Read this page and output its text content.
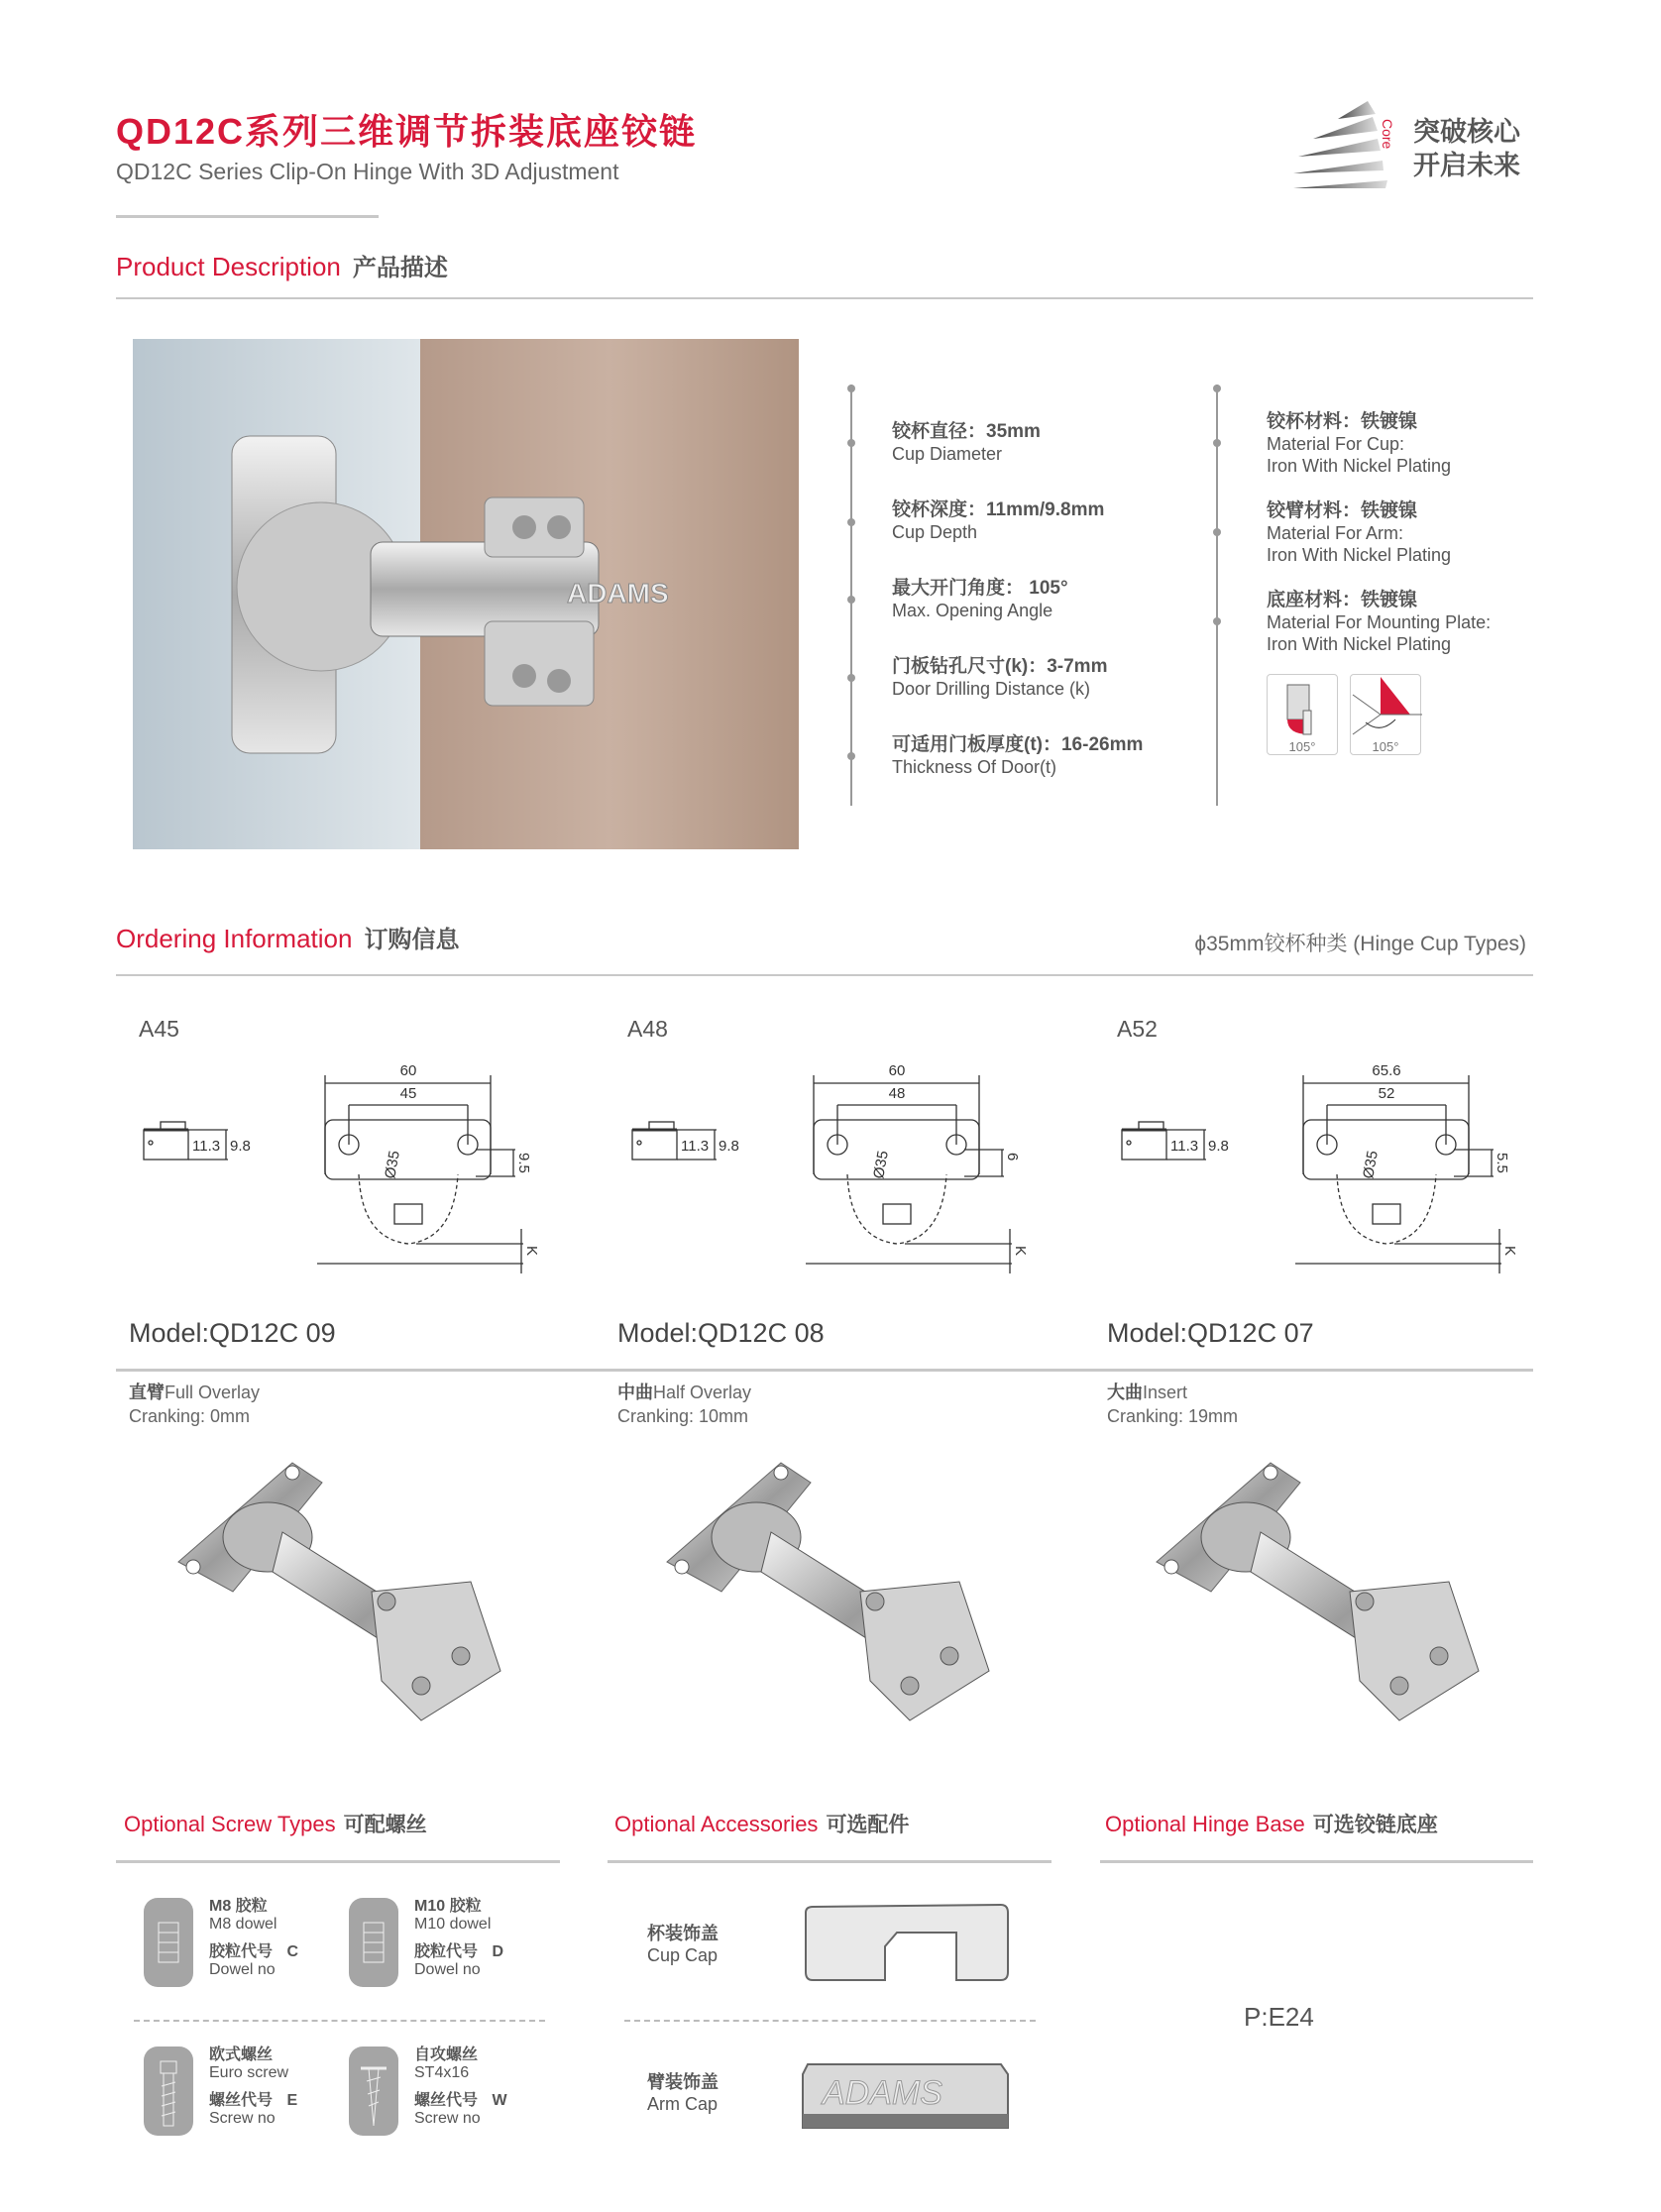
QD12C系列三维调节拆装底座铰链
QD12C Series Clip-On Hinge With 3D Adjustment
Core 突破核心
开启未来
Product Description 产品描述
ADAMS
铰杯直径：35mm
Cup Diameter
铰杯深度：11mm/9.8mm
Cup Depth
最大开门角度： 105°
Max. Opening Angle
门板钻孔尺寸(k)：3-7mm
Door Drilling Distance (k)
可适用门板厚度(t)：16-26mm
Thickness Of Door(t)
铰杯材料：铁镀镍
Material For Cup:
Iron With Nickel Plating
铰臂材料：铁镀镍
Material For Arm:
Iron With Nickel Plating
底座材料：铁镀镍
Material For Mounting Plate:
Iron With Nickel Plating
105°	105°
Ordering Information 订购信息	ϕ35mm铰杯种类 (Hinge Cup Types)
A45
60
45
11.3 9.8
Ø35	9.5
K
A48
60
48
11.3 9.8
Ø35	6
K
A52
65.6
52
11.3 9.8
Ø35	5.5
K
Model:QD12C 09
直臂Full Overlay
Cranking: 0mm
Model:QD12C 08
中曲Half Overlay
Cranking: 10mm
Model:QD12C 07
大曲Insert
Cranking: 19mm
Optional Screw Types 可配螺丝	Optional Accessories 可选配件	Optional Hinge Base 可选铰链底座
M8 胶粒
M8 dowel
胶粒代号 C
Dowel no
M10 胶粒
M10 dowel
胶粒代号 D
Dowel no
欧式螺丝
Euro screw
螺丝代号 E
Screw no
自攻螺丝
ST4x16
螺丝代号 W
Screw no
杯装饰盖
Cup Cap
臂装饰盖
Arm Cap	ADAMS
P:E24
